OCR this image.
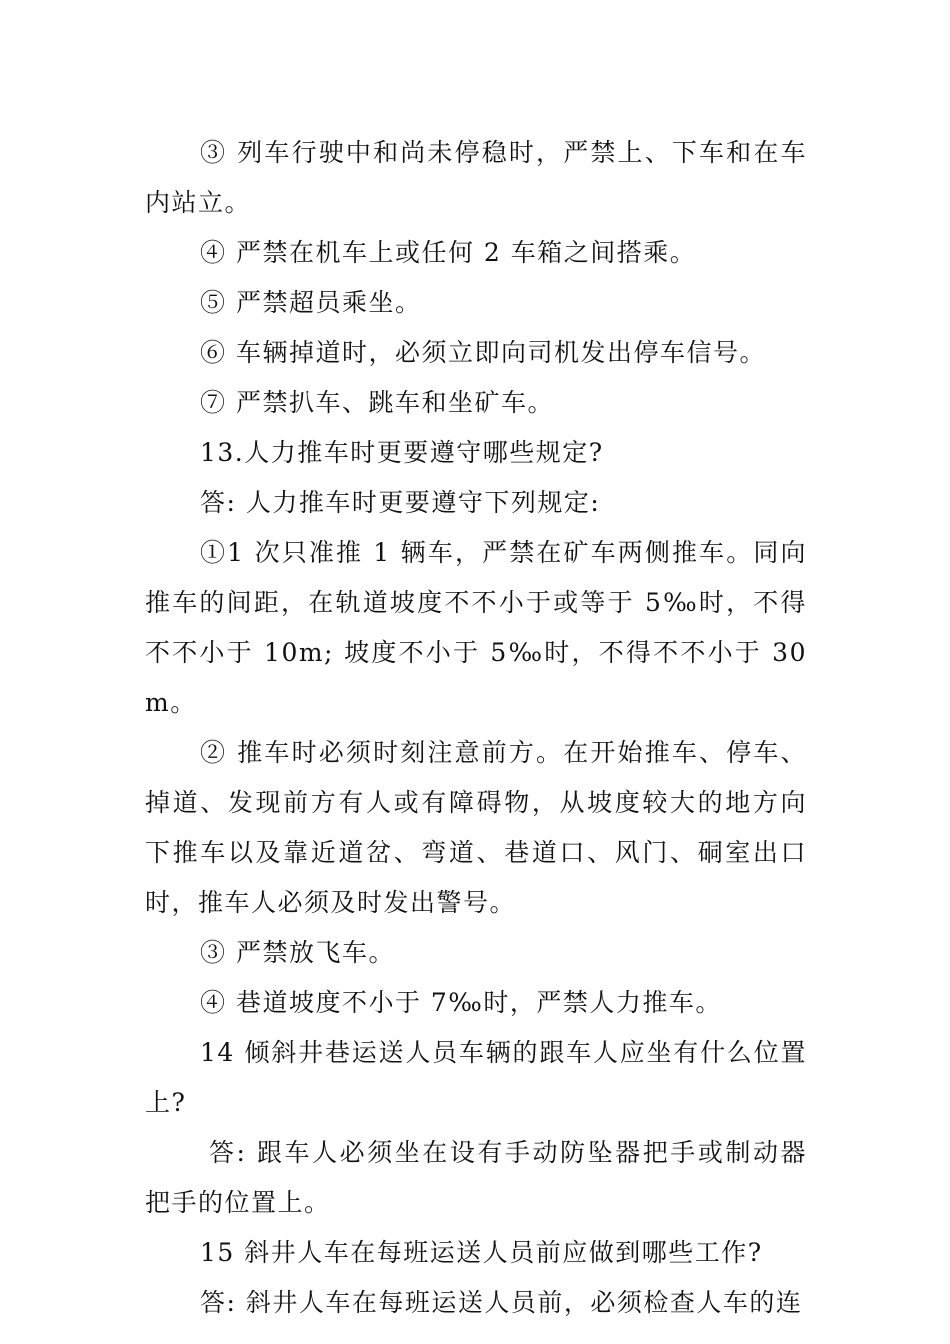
③ 列车行驶中和尚未停稳时，严禁上、下车和在车内站立。

④ 严禁在机车上或任何 2 车箱之间搭乘。

⑤ 严禁超员乘坐。

⑥ 车辆掉道时，必须立即向司机发出停车信号。

⑦ 严禁扒车、跳车和坐矿车。

13.人力推车时更要遵守哪些规定?

答: 人力推车时更要遵守下列规定:

①1 次只准推 1 辆车，严禁在矿车两侧推车。同向推车的间距，在轨道坡度不不小于或等于 5‰时，不得不不小于 10m; 坡度不小于 5‰时，不得不不小于 30m。

② 推车时必须时刻注意前方。在开始推车、停车、掉道、发现前方有人或有障碍物，从坡度较大的地方向下推车以及靠近道岔、弯道、巷道口、风门、硐室出口时，推车人必须及时发出警号。

③ 严禁放飞车。

④ 巷道坡度不小于 7‰时，严禁人力推车。

14 倾斜井巷运送人员车辆的跟车人应坐有什么位置上?

答: 跟车人必须坐在设有手动防坠器把手或制动器把手的位置上。

15 斜井人车在每班运送人员前应做到哪些工作?

答: 斜井人车在每班运送人员前，必须检查人车的连
